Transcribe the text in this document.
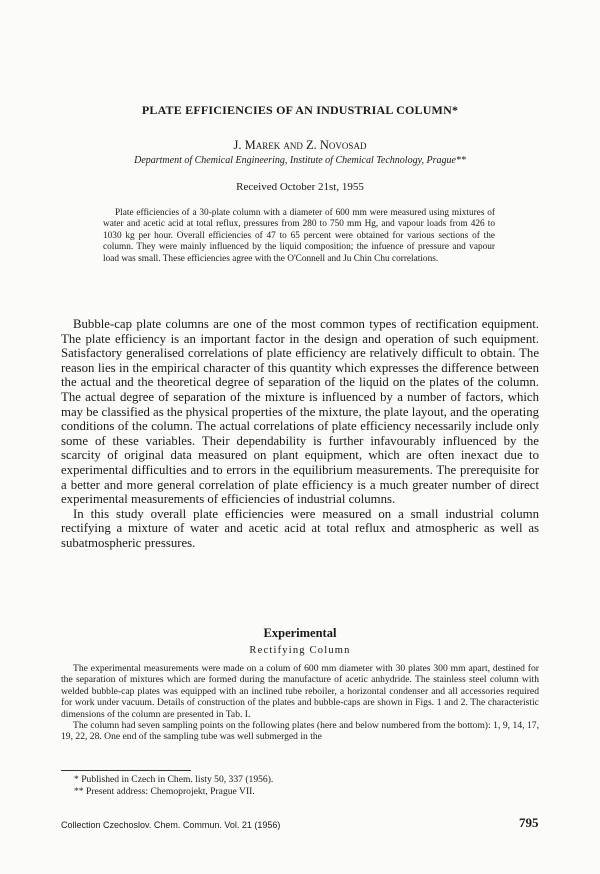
PLATE EFFICIENCIES OF AN INDUSTRIAL COLUMN*
J. Marek and Z. Novosad
Department of Chemical Engineering, Institute of Chemical Technology, Prague**
Received October 21st, 1955
Plate efficiencies of a 30-plate column with a diameter of 600 mm were measured using mixtures of water and acetic acid at total reflux, pressures from 280 to 750 mm Hg, and vapour loads from 426 to 1030 kg per hour. Overall efficiencies of 47 to 65 percent were obtained for various sections of the column. They were mainly influenced by the liquid composition; the infuence of pressure and vapour load was small. These efficiencies agree with the O'Connell and Ju Chin Chu correlations.

Bubble-cap plate columns are one of the most common types of rectification equipment. The plate efficiency is an important factor in the design and operation of such equipment. Satisfactory generalised correlations of plate efficiency are relatively difficult to obtain. The reason lies in the empirical character of this quantity which expresses the difference between the actual and the theoretical degree of separation of the liquid on the plates of the column. The actual degree of separation of the mixture is influenced by a number of factors, which may be classified as the physical properties of the mixture, the plate layout, and the operating conditions of the column. The actual correlations of plate efficiency necessarily include only some of these variables. Their dependability is further infavourably influenced by the scarcity of original data measured on plant equipment, which are often inexact due to experimental difficulties and to errors in the equilibrium measurements. The prerequisite for a better and more general correlation of plate efficiency is a much greater number of direct experimental measurements of efficiencies of industrial columns.

In this study overall plate efficiencies were measured on a small industrial column rectifying a mixture of water and acetic acid at total reflux and atmospheric as well as subatmospheric pressures.

Experimental
Rectifying Column

The experimental measurements were made on a colum of 600 mm diameter with 30 plates 300 mm apart, destined for the separation of mixtures which are formed during the manufacture of acetic anhydride. The stainless steel column with welded bubble-cap plates was equipped with an inclined tube reboiler, a horizontal condenser and all accessories required for work under vacuum. Details of construction of the plates and bubble-caps are shown in Figs. 1 and 2. The characteristic dimensions of the column are presented in Tab. I.

The column had seven sampling points on the following plates (here and below numbered from the bottom): 1, 9, 14, 17, 19, 22, 28. One end of the sampling tube was well submerged in the

* Published in Czech in Chem. listy 50, 337 (1956).
** Present address: Chemoprojekt, Prague VII.
Collection Czechoslov. Chem. Commun. Vol. 21 (1956)	795
